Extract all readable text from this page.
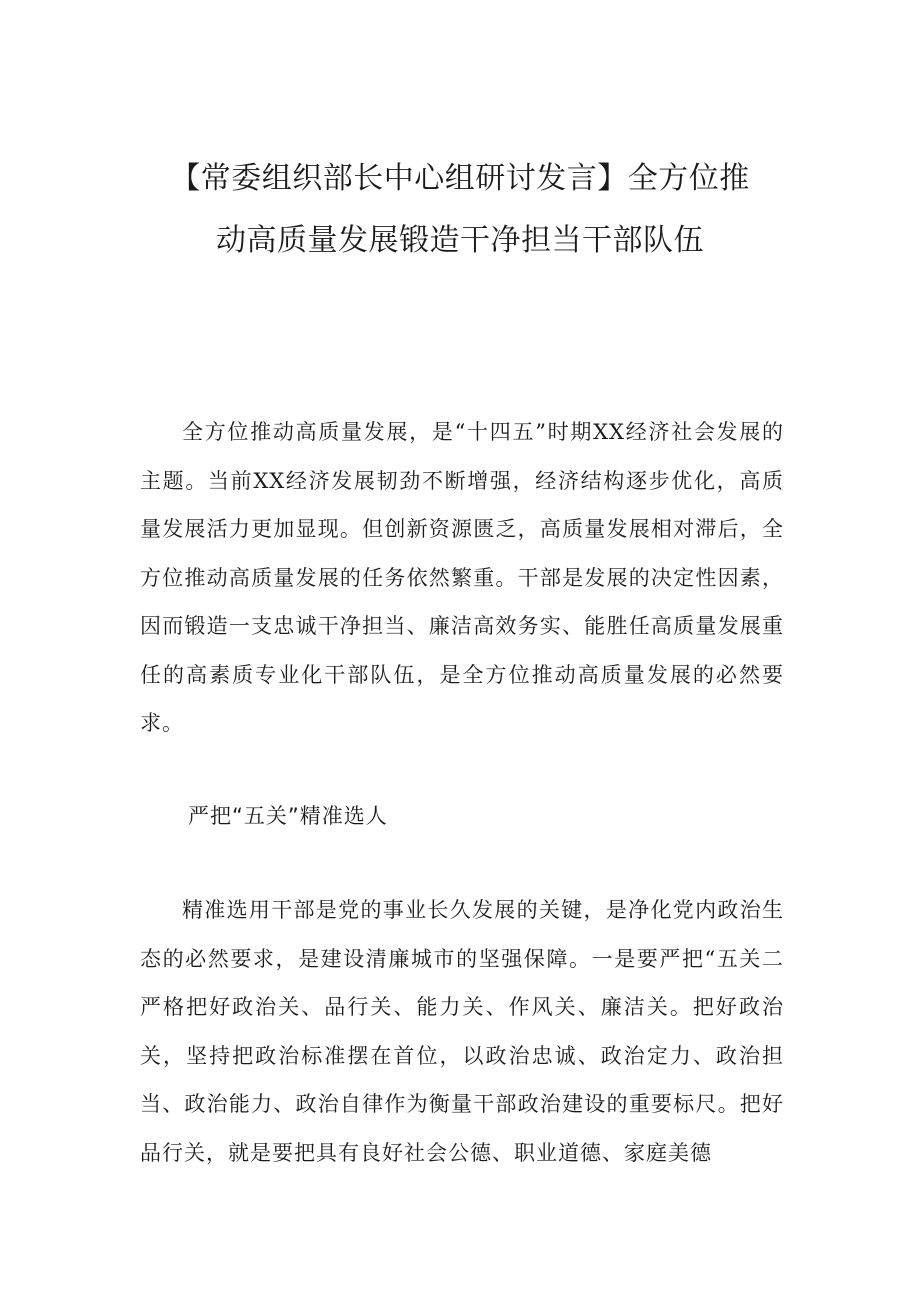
【常委组织部长中心组研讨发言】全方位推
动高质量发展锻造干净担当干部队伍

全方位推动高质量发展，是“十四五”时期XX经济社会发展的主题。当前XX经济发展韧劲不断增强，经济结构逐步优化，高质量发展活力更加显现。但创新资源匮乏，高质量发展相对滞后，全方位推动高质量发展的任务依然繁重。干部是发展的决定性因素，因而锻造一支忠诚干净担当、廉洁高效务实、能胜任高质量发展重任的高素质专业化干部队伍，是全方位推动高质量发展的必然要求。

严把“五关”精准选人

精准选用干部是党的事业长久发展的关键，是净化党内政治生态的必然要求，是建设清廉城市的坚强保障。一是要严把“五关二严格把好政治关、品行关、能力关、作风关、廉洁关。把好政治关，坚持把政治标准摆在首位，以政治忠诚、政治定力、政治担当、政治能力、政治自律作为衡量干部政治建设的重要标尺。把好品行关，就是要把具有良好社会公德、职业道德、家庭美德
